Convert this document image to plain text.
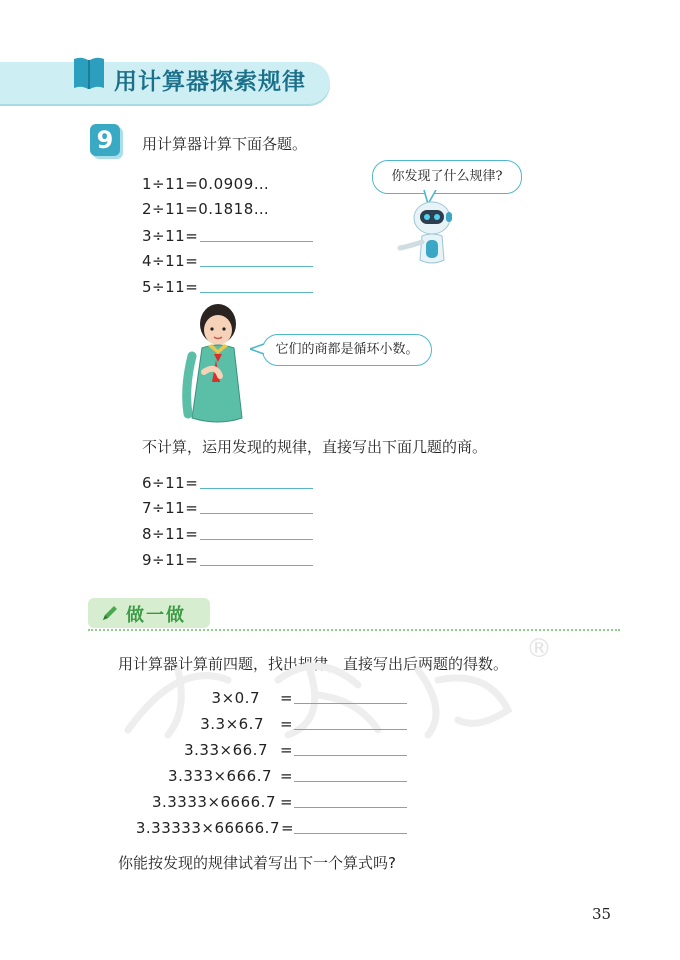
用计算器探索规律
9	用计算器计算下面各题。
1÷11=0.0909…
2÷11=0.1818…
3÷11=
4÷11=
5÷11=
你发现了什么规律?
它们的商都是循环小数。
不计算，运用发现的规律，直接写出下面几题的商。
6÷11=
7÷11=
8÷11=
9÷11=
做一做
用计算器计算前四题，找出规律，直接写出后两题的得数。 ®
3×0.7 =
3.3×6.7 =
3.33×66.7 =
3.333×666.7 =
3.3333×6666.7 =
3.33333×66666.7 =
你能按发现的规律试着写出下一个算式吗?
35
